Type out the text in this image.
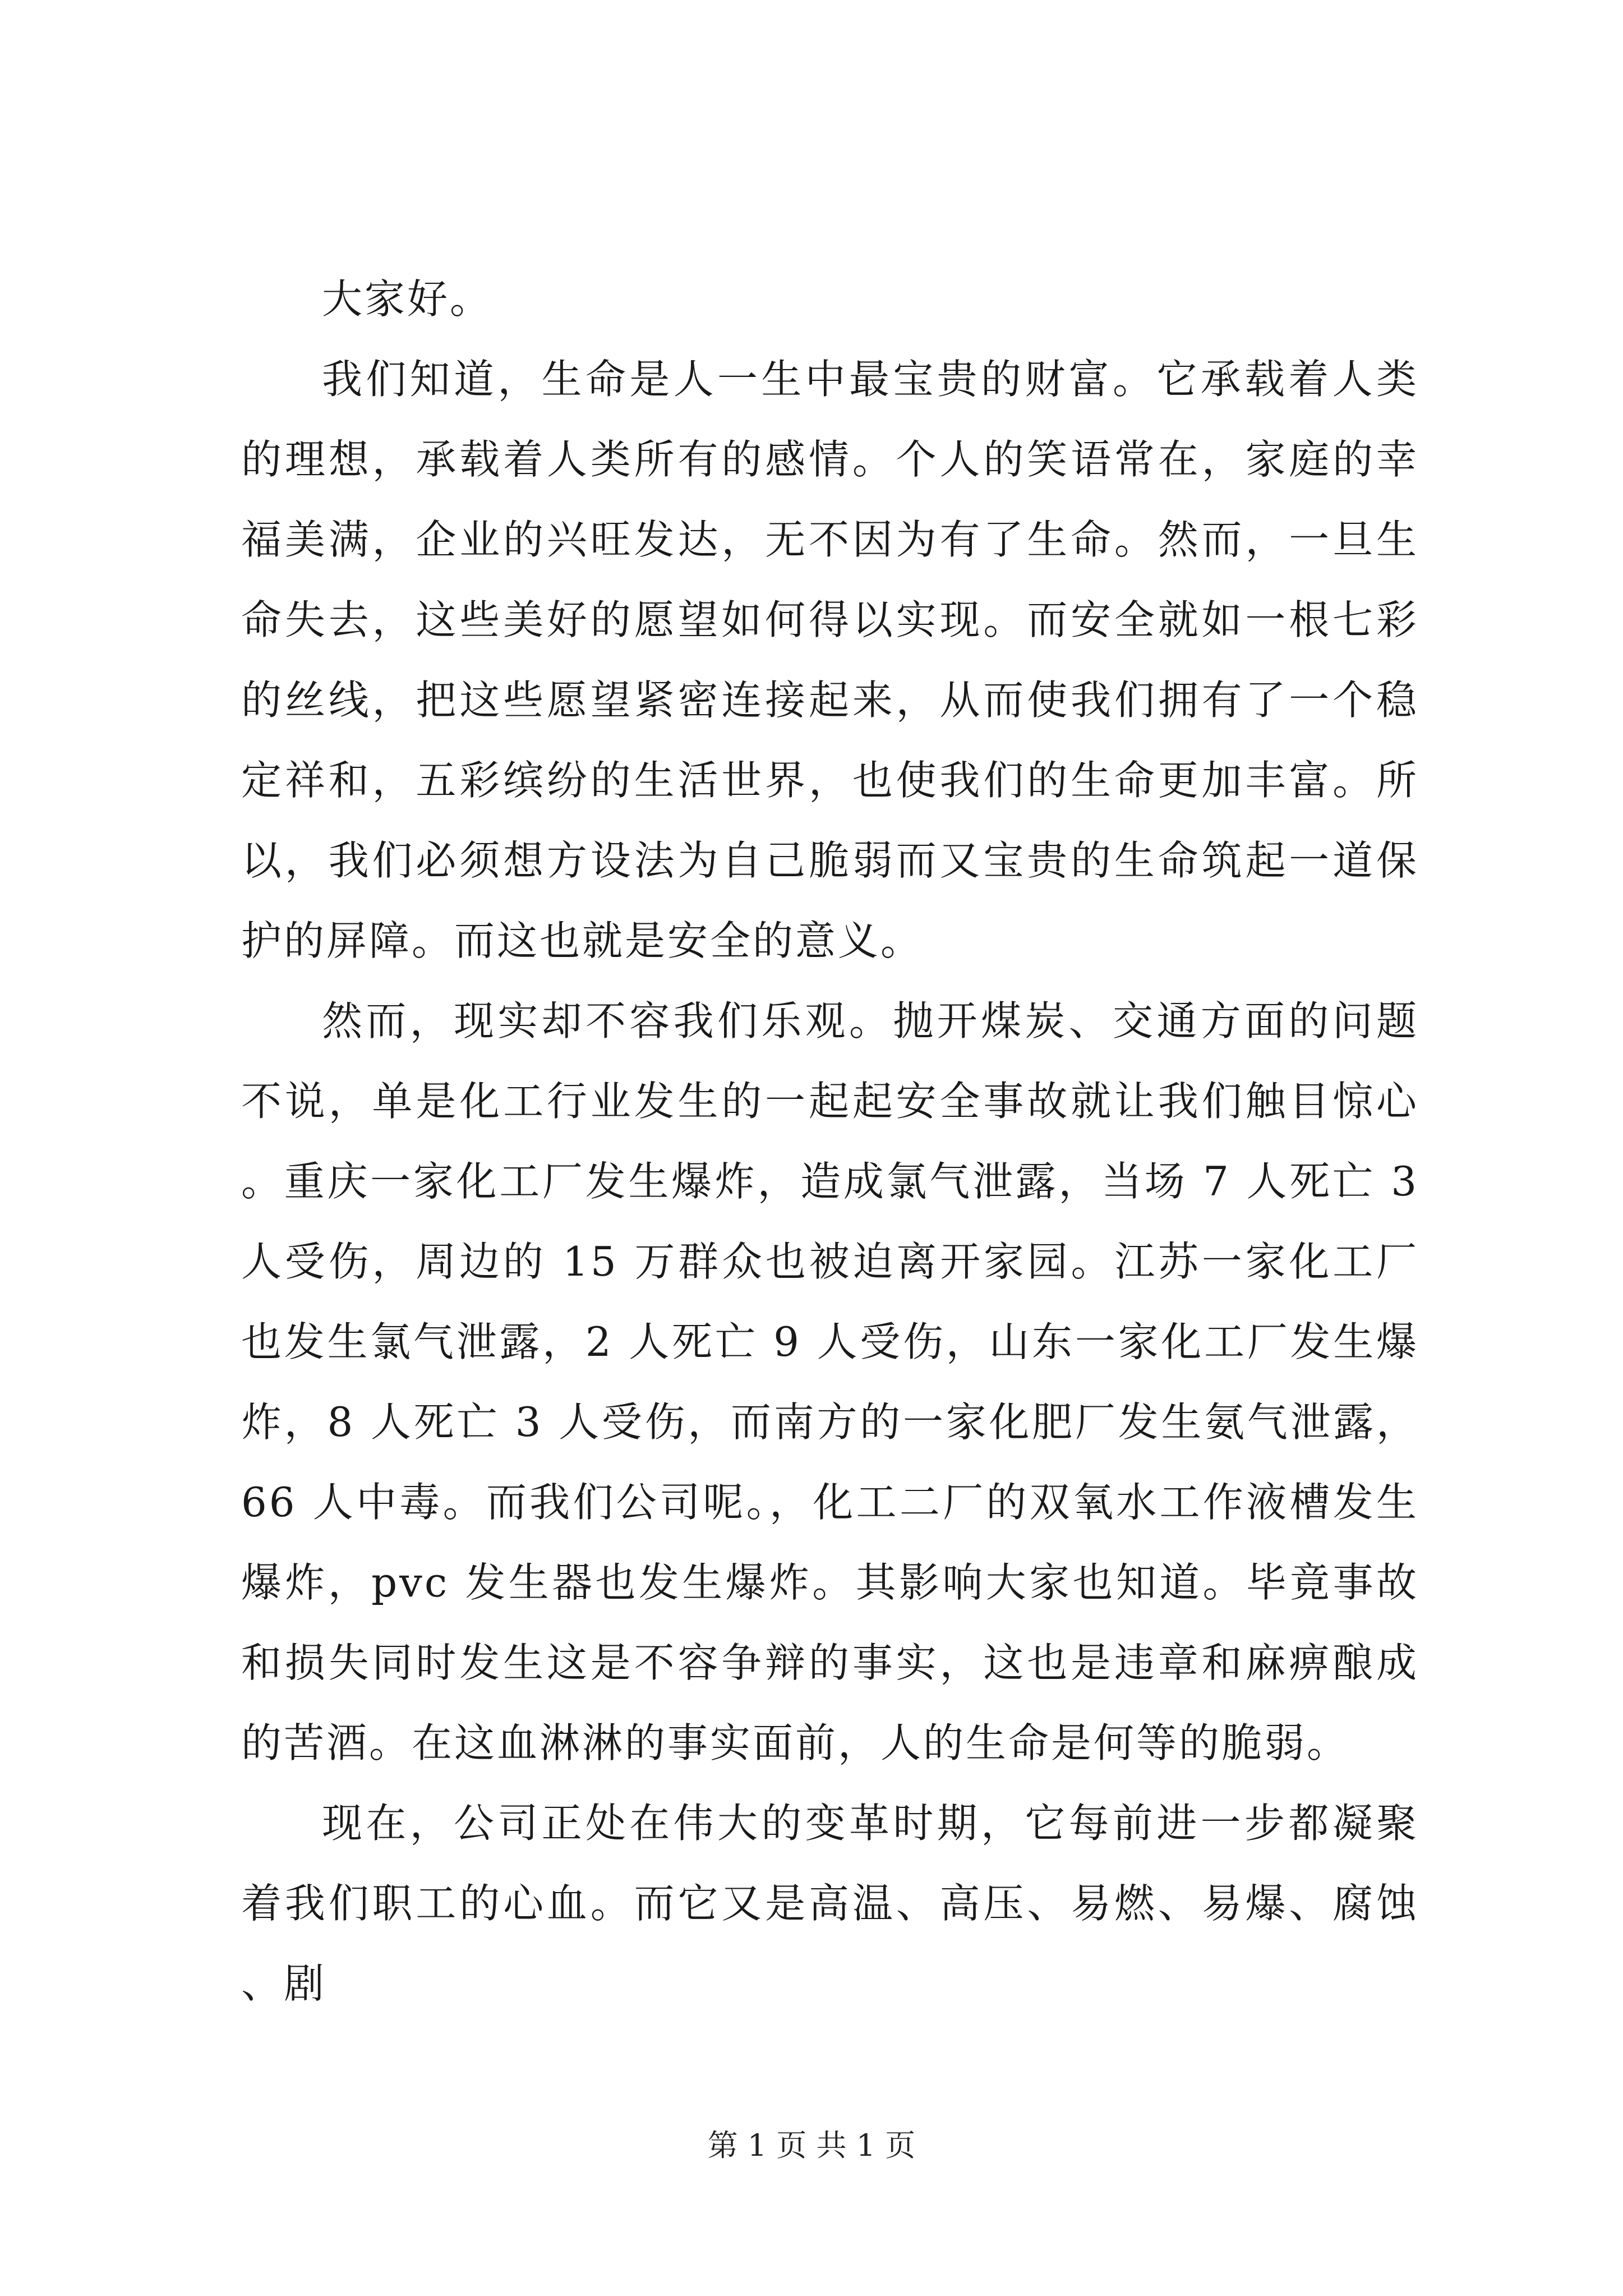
大家好。

我们知道，生命是人一生中最宝贵的财富。它承载着人类的理想，承载着人类所有的感情。个人的笑语常在，家庭的幸福美满，企业的兴旺发达，无不因为有了生命。然而，一旦生命失去，这些美好的愿望如何得以实现。而安全就如一根七彩的丝线，把这些愿望紧密连接起来，从而使我们拥有了一个稳定祥和，五彩缤纷的生活世界，也使我们的生命更加丰富。所以，我们必须想方设法为自己脆弱而又宝贵的生命筑起一道保护的屏障。而这也就是安全的意义。

然而，现实却不容我们乐观。抛开煤炭、交通方面的问题不说，单是化工行业发生的一起起安全事故就让我们触目惊心。重庆一家化工厂发生爆炸，造成氯气泄露，当场 7 人死亡 3 人受伤，周边的 15 万群众也被迫离开家园。江苏一家化工厂也发生氯气泄露，2 人死亡 9 人受伤，山东一家化工厂发生爆炸，8 人死亡 3 人受伤，而南方的一家化肥厂发生氨气泄露，66 人中毒。而我们公司呢。，化工二厂的双氧水工作液槽发生爆炸，pvc 发生器也发生爆炸。其影响大家也知道。毕竟事故和损失同时发生这是不容争辩的事实，这也是违章和麻痹酿成的苦酒。在这血淋淋的事实面前，人的生命是何等的脆弱。

现在，公司正处在伟大的变革时期，它每前进一步都凝聚着我们职工的心血。而它又是高温、高压、易燃、易爆、腐蚀、剧

第 1 页 共 1 页
